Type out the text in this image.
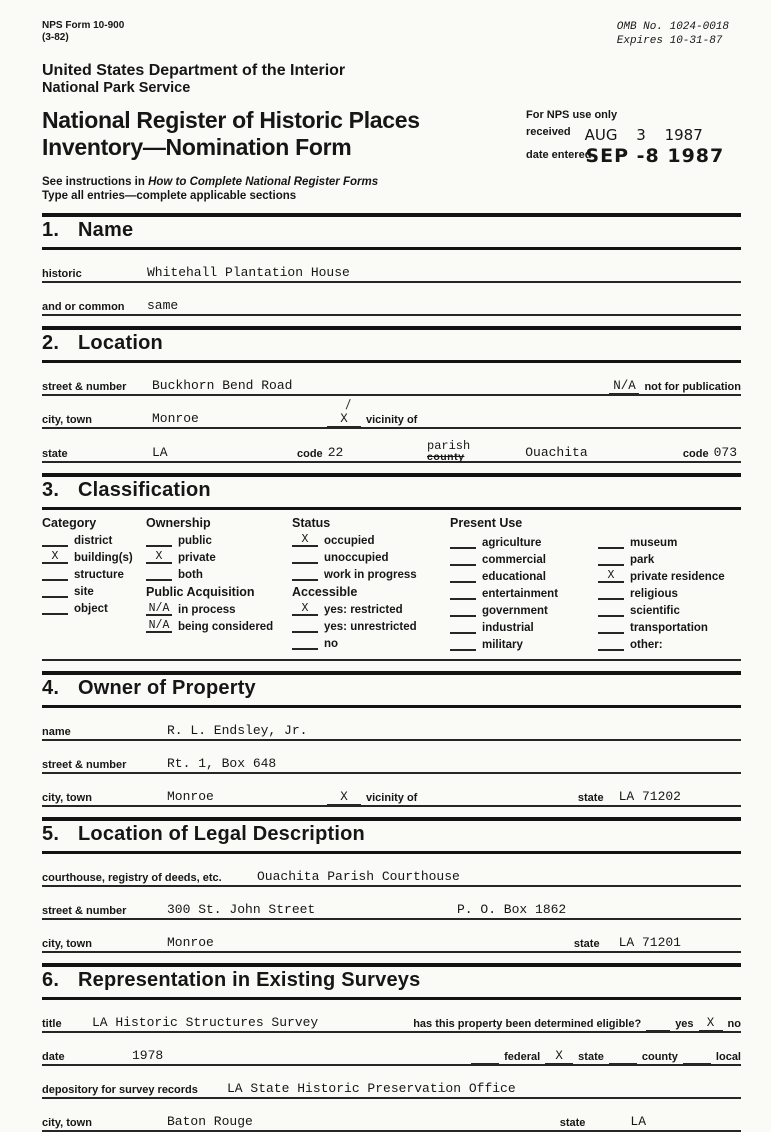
NPS Form 10-900
(3-82)
OMB No. 1024-0018
Expires 10-31-87
United States Department of the Interior
National Park Service
National Register of Historic Places
Inventory—Nomination Form
For NPS use only
received AUG 3 1987
date entered
SEP -8 1987
See instructions in How to Complete National Register Forms
Type all entries—complete applicable sections
1. Name
historic	Whitehall Plantation House
and or common	same
2. Location
street & number	Buckhorn Bend Road	N/A not for publication
city, town	Monroe	X	vicinity of
state	LA	code 22	parish
county	Ouachita	code 073
3. Classification
Category
district
X	building(s)
structure
site
object
Ownership
public
X	private
both
Public Acquisition
N/A in process
N/A being considered
Status
X	occupied
unoccupied
work in progress
Accessible
X	yes: restricted
yes: unrestricted
no
Present Use
agriculture
commercial
educational
entertainment
government
industrial
military
museum
park
X	private residence
religious
scientific
transportation
other:
4. Owner of Property
name	R. L. Endsley, Jr.
street & number	Rt. 1, Box 648
city, town	Monroe	X	vicinity of	state LA 71202
5. Location of Legal Description
courthouse, registry of deeds, etc.	Ouachita Parish Courthouse
street & number	300 St. John Street	P. O. Box 1862
city, town	Monroe	state LA 71201
6. Representation in Existing Surveys
title	LA Historic Structures Survey	has this property been determined eligible?	yes	X	no
date	1978	federal	X	state	county	local
depository for survey records	LA State Historic Preservation Office
city, town	Baton Rouge	state	LA
